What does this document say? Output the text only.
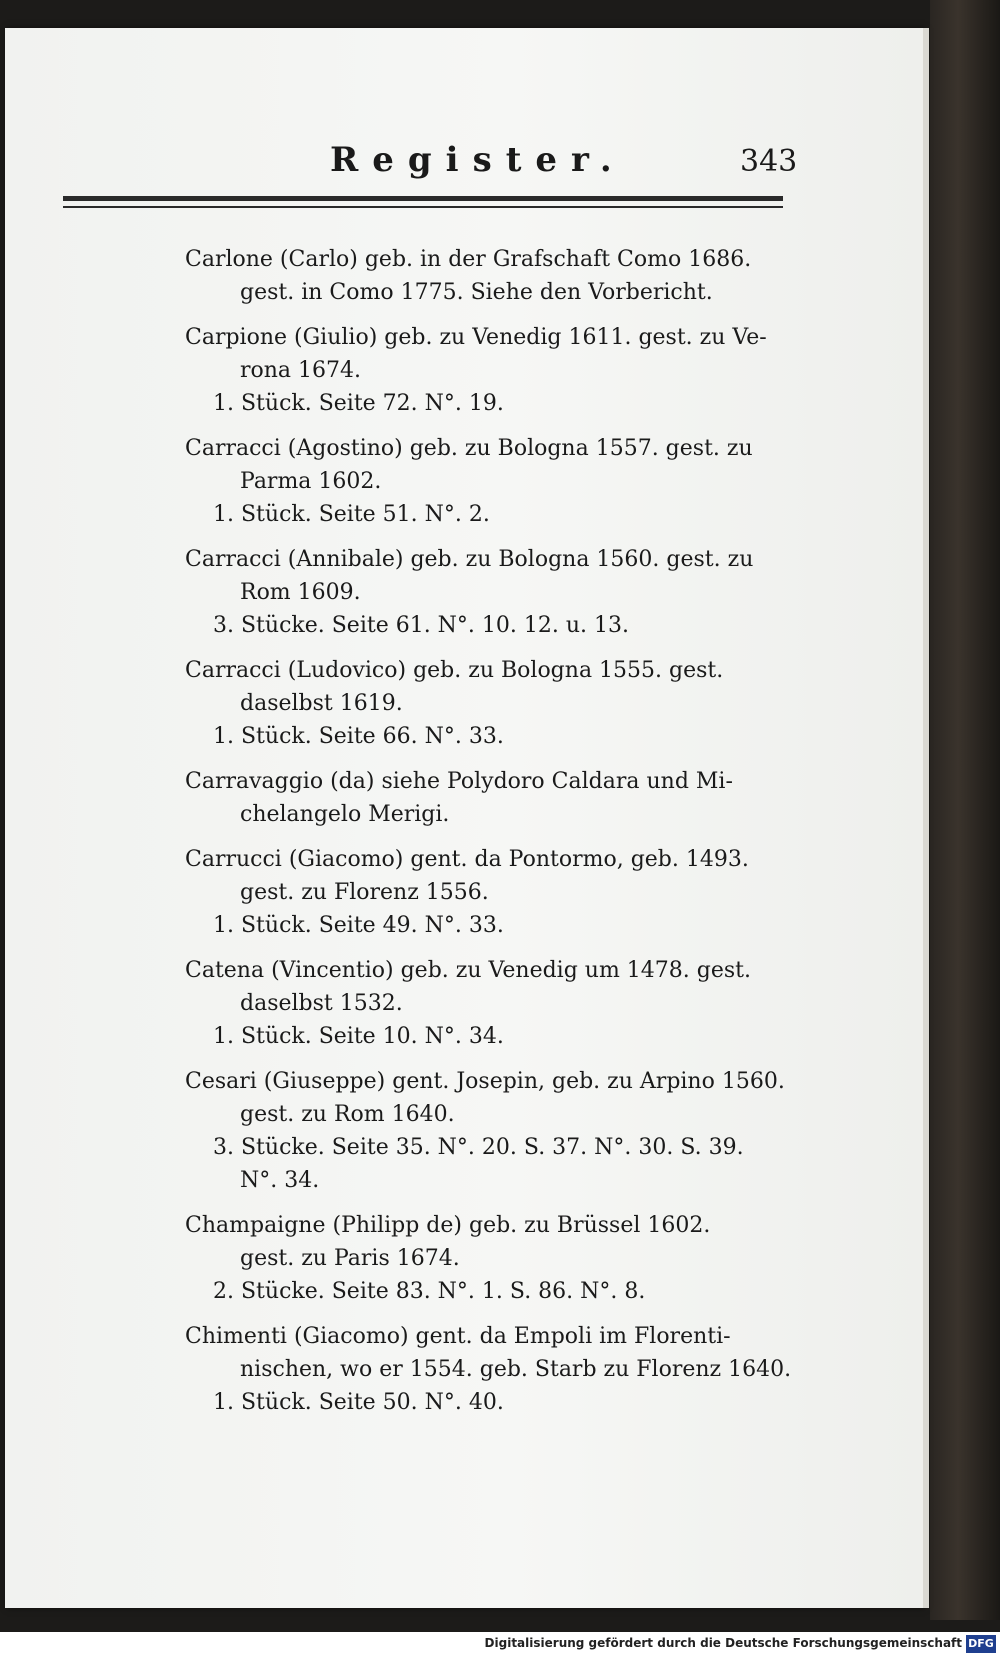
Register.	343
Carlone (Carlo) geb. in der Grafschaft Como 1686.
gest. in Como 1775. Siehe den Vorbericht.
Carpione (Giulio) geb. zu Venedig 1611. gest. zu Ve-
rona 1674.
1. Stück. Seite 72. N°. 19.
Carracci (Agostino) geb. zu Bologna 1557. gest. zu
Parma 1602.
1. Stück. Seite 51. N°. 2.
Carracci (Annibale) geb. zu Bologna 1560. gest. zu
Rom 1609.
3. Stücke. Seite 61. N°. 10. 12. u. 13.
Carracci (Ludovico) geb. zu Bologna 1555. gest.
daselbst 1619.
1. Stück. Seite 66. N°. 33.
Carravaggio (da) siehe Polydoro Caldara und Mi-
chelangelo Merigi.
Carrucci (Giacomo) gent. da Pontormo, geb. 1493.
gest. zu Florenz 1556.
1. Stück. Seite 49. N°. 33.
Catena (Vincentio) geb. zu Venedig um 1478. gest.
daselbst 1532.
1. Stück. Seite 10. N°. 34.
Cesari (Giuseppe) gent. Josepin, geb. zu Arpino 1560.
gest. zu Rom 1640.
3. Stücke. Seite 35. N°. 20. S. 37. N°. 30. S. 39.
N°. 34.
Champaigne (Philipp de) geb. zu Brüssel 1602.
gest. zu Paris 1674.
2. Stücke. Seite 83. N°. 1. S. 86. N°. 8.
Chimenti (Giacomo) gent. da Empoli im Florenti-
nischen, wo er 1554. geb. Starb zu Florenz 1640.
1. Stück. Seite 50. N°. 40.
Digitalisierung gefördert durch die Deutsche Forschungsgemeinschaft DFG
